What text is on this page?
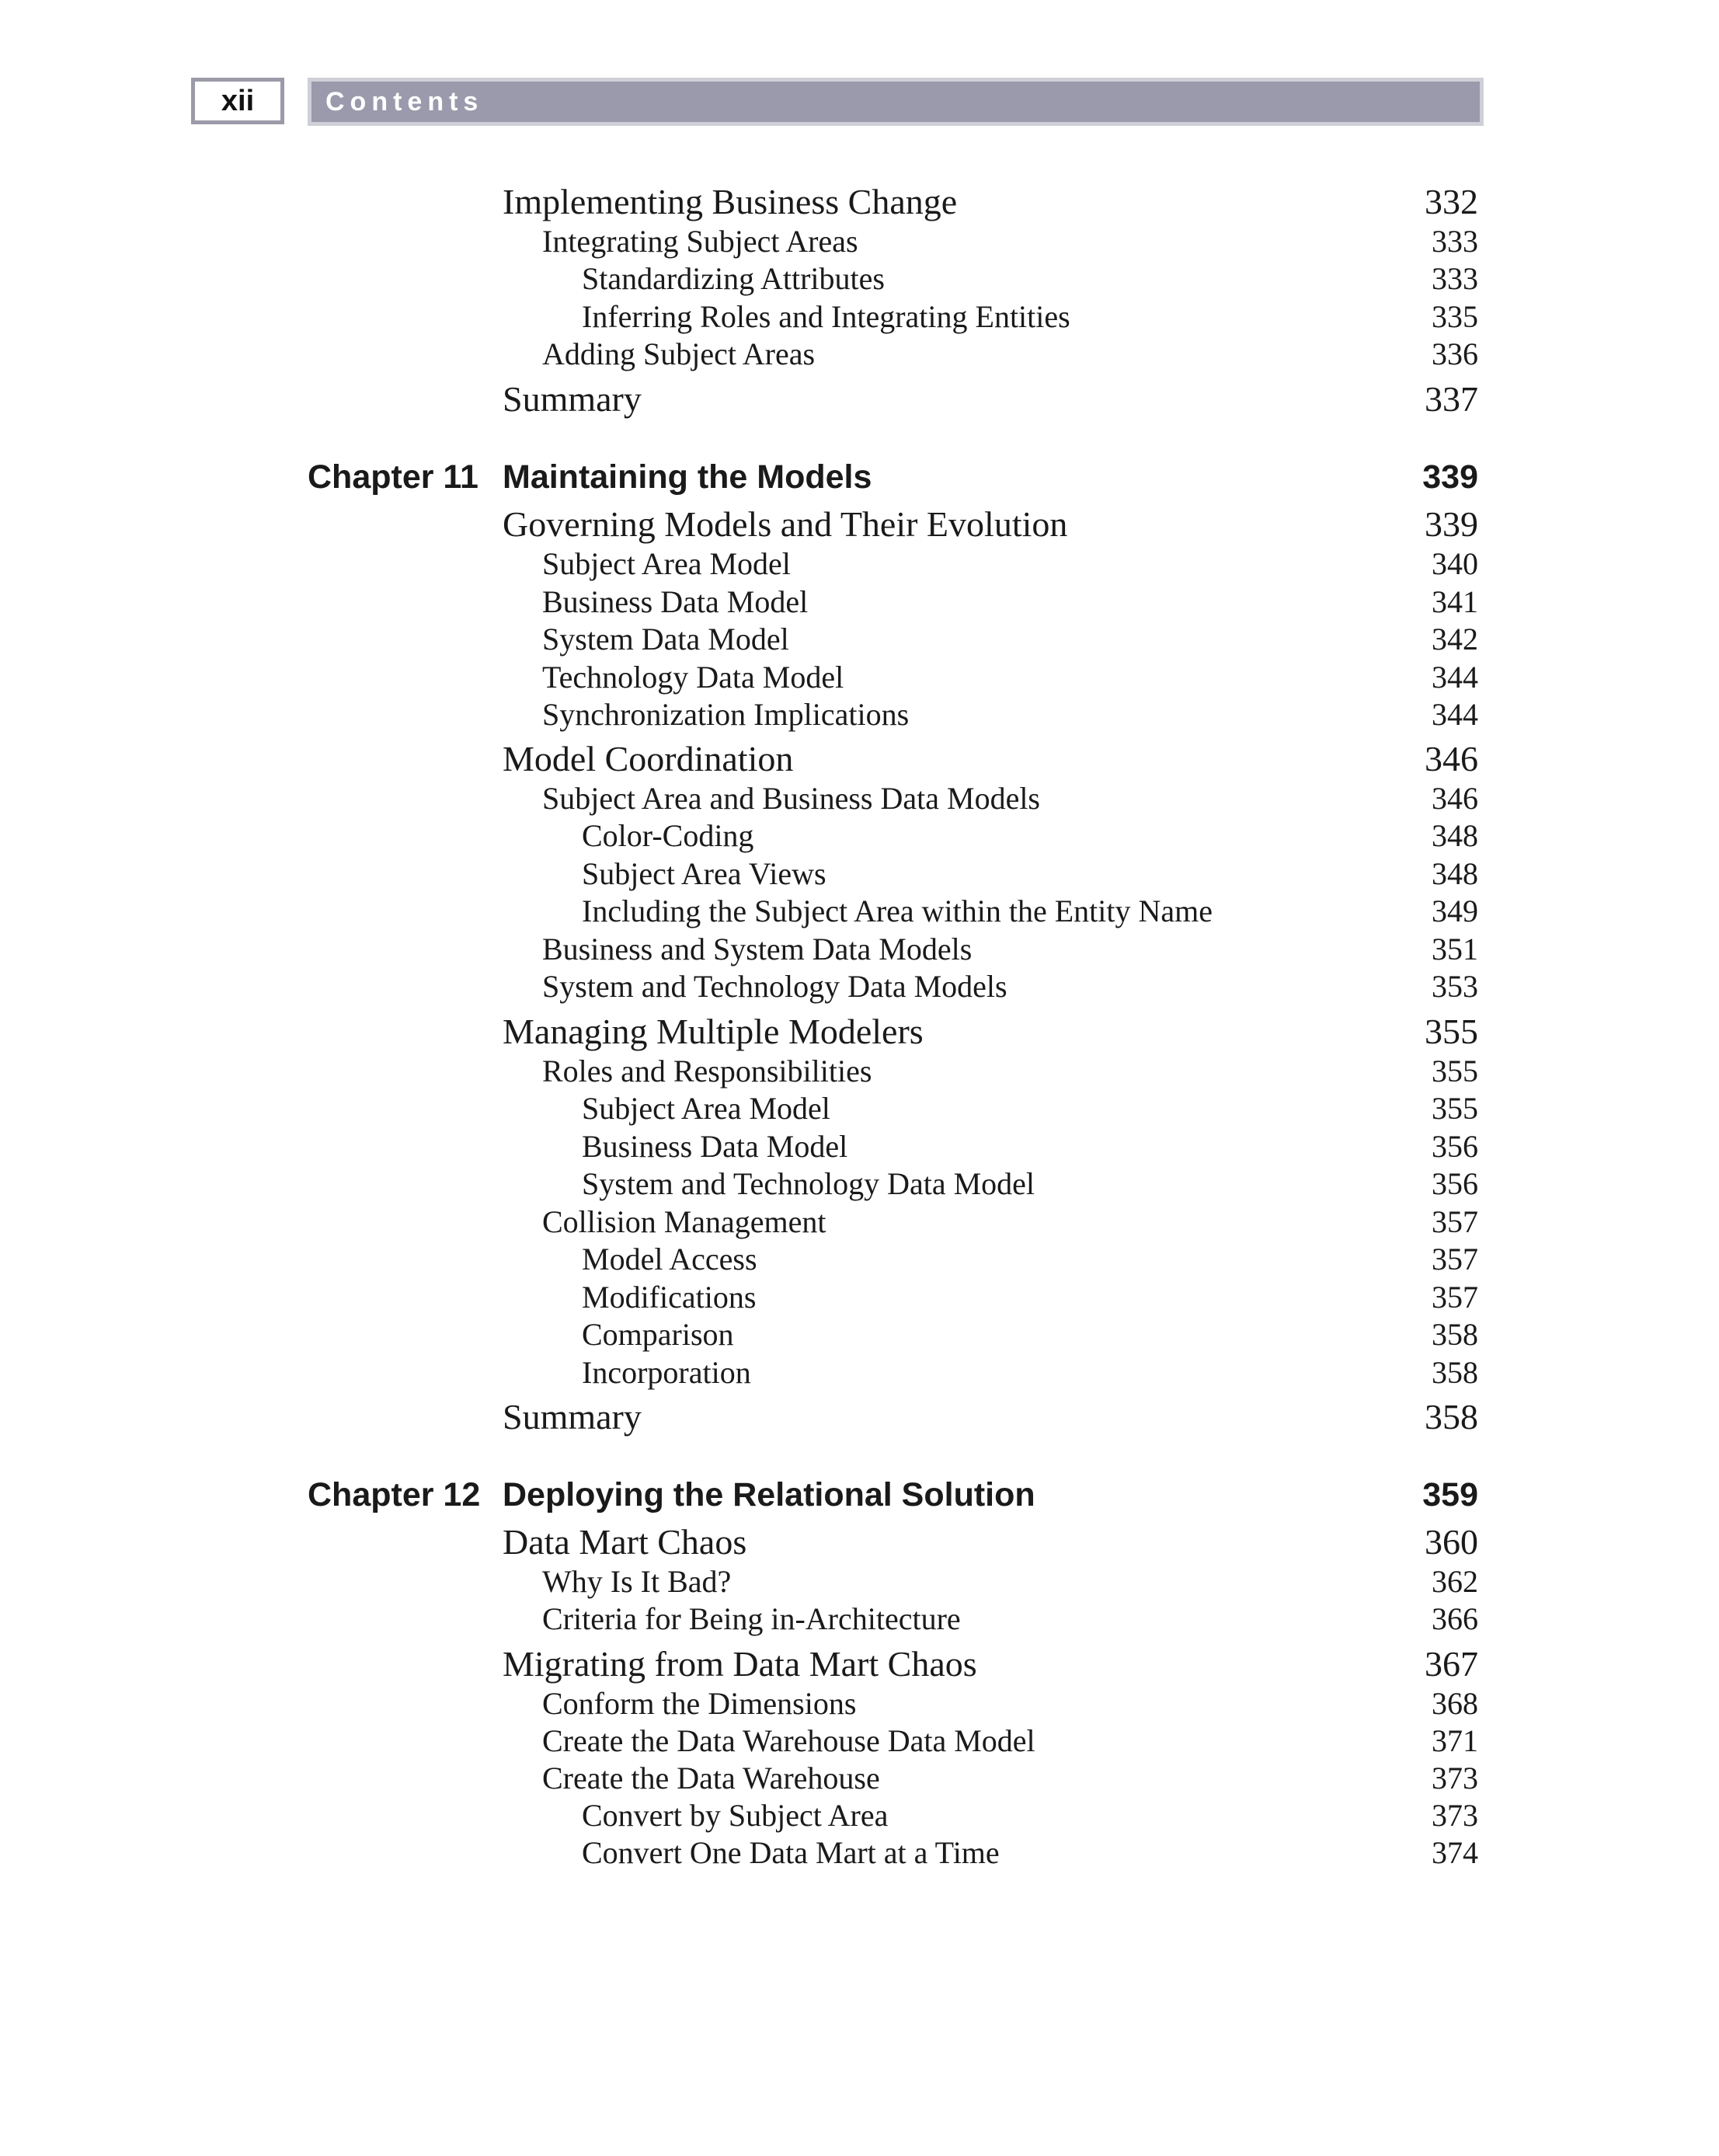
xii	Contents
Implementing Business Change	332
Integrating Subject Areas	333
Standardizing Attributes	333
Inferring Roles and Integrating Entities	335
Adding Subject Areas	336
Summary	337
Chapter 11 Maintaining the Models	339
Governing Models and Their Evolution	339
Subject Area Model	340
Business Data Model	341
System Data Model	342
Technology Data Model	344
Synchronization Implications	344
Model Coordination	346
Subject Area and Business Data Models	346
Color-Coding	348
Subject Area Views	348
Including the Subject Area within the Entity Name	349
Business and System Data Models	351
System and Technology Data Models	353
Managing Multiple Modelers	355
Roles and Responsibilities	355
Subject Area Model	355
Business Data Model	356
System and Technology Data Model	356
Collision Management	357
Model Access	357
Modifications	357
Comparison	358
Incorporation	358
Summary	358
Chapter 12 Deploying the Relational Solution	359
Data Mart Chaos	360
Why Is It Bad?	362
Criteria for Being in-Architecture	366
Migrating from Data Mart Chaos	367
Conform the Dimensions	368
Create the Data Warehouse Data Model	371
Create the Data Warehouse	373
Convert by Subject Area	373
Convert One Data Mart at a Time	374
